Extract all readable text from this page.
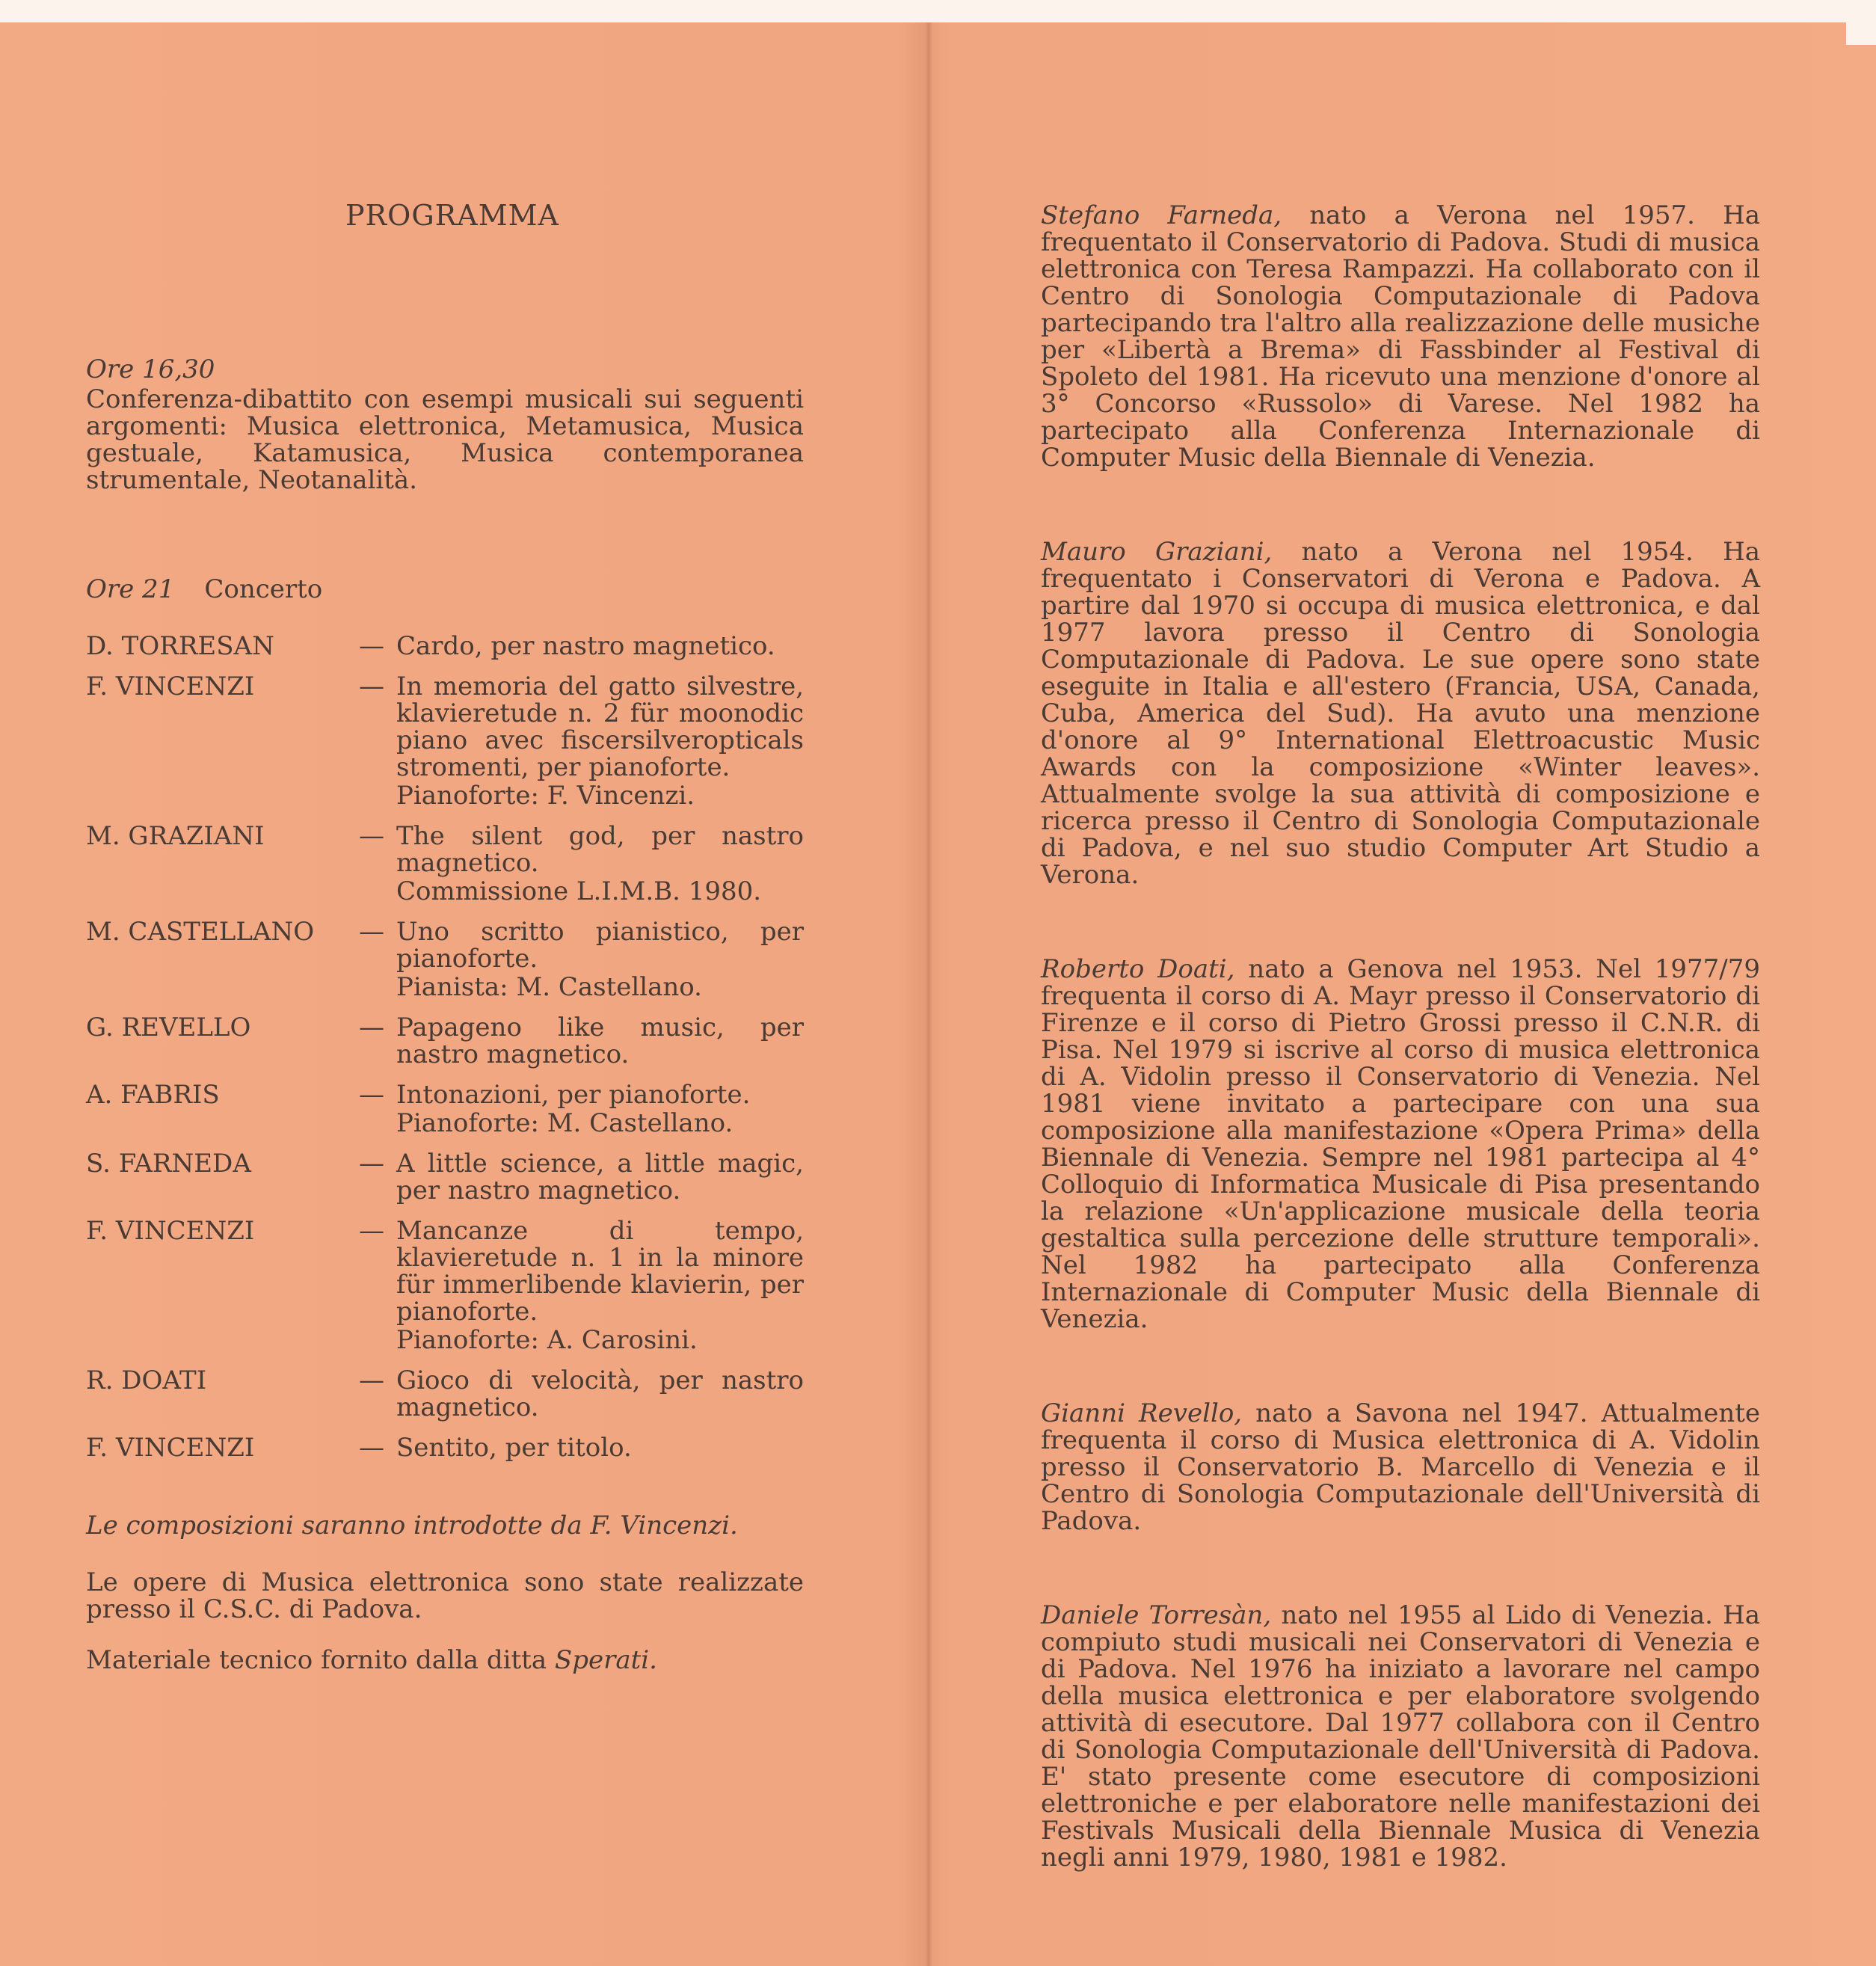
PROGRAMMA
Ore 16,30
Conferenza-dibattito con esempi musicali sui seguenti argomenti: Musica elettronica, Metamusica, Musica gestuale, Katamusica, Musica contemporanea strumentale, Neotanalità.
Ore 21 Concerto
D. TORRESAN	— Cardo, per nastro magnetico.
F. VINCENZI	— In memoria del gatto silvestre, klavieretude n. 2 für moonodic piano avec fiscersilveropticals stromenti, per pianoforte.
Pianoforte: F. Vincenzi.
M. GRAZIANI	— The silent god, per nastro magnetico.
Commissione L.I.M.B. 1980.
M. CASTELLANO	— Uno scritto pianistico, per pianoforte.
Pianista: M. Castellano.
G. REVELLO	— Papageno like music, per nastro magnetico.
A. FABRIS	— Intonazioni, per pianoforte.
Pianoforte: M. Castellano.
S. FARNEDA	— A little science, a little magic, per nastro magnetico.
F. VINCENZI	— Mancanze di tempo, klavieretude n. 1 in la minore für immerlibende klavierin, per pianoforte.
Pianoforte: A. Carosini.
R. DOATI	— Gioco di velocità, per nastro magnetico.
F. VINCENZI	— Sentito, per titolo.
Le composizioni saranno introdotte da F. Vincenzi.
Le opere di Musica elettronica sono state realizzate presso il C.S.C. di Padova.
Materiale tecnico fornito dalla ditta Sperati.
Stefano Farneda, nato a Verona nel 1957. Ha frequentato il Conservatorio di Padova. Studi di musica elettronica con Teresa Rampazzi. Ha collaborato con il Centro di Sonologia Computazionale di Padova partecipando tra l'altro alla realizzazione delle musiche per «Libertà a Brema» di Fassbinder al Festival di Spoleto del 1981. Ha ricevuto una menzione d'onore al 3° Concorso «Russolo» di Varese. Nel 1982 ha partecipato alla Conferenza Internazionale di Computer Music della Biennale di Venezia.
Mauro Graziani, nato a Verona nel 1954. Ha frequentato i Conservatori di Verona e Padova. A partire dal 1970 si occupa di musica elettronica, e dal 1977 lavora presso il Centro di Sonologia Computazionale di Padova. Le sue opere sono state eseguite in Italia e all'estero (Francia, USA, Canada, Cuba, America del Sud). Ha avuto una menzione d'onore al 9° International Elettroacustic Music Awards con la composizione «Winter leaves». Attualmente svolge la sua attività di composizione e ricerca presso il Centro di Sonologia Computazionale di Padova, e nel suo studio Computer Art Studio a Verona.
Roberto Doati, nato a Genova nel 1953. Nel 1977/79 frequenta il corso di A. Mayr presso il Conservatorio di Firenze e il corso di Pietro Grossi presso il C.N.R. di Pisa. Nel 1979 si iscrive al corso di musica elettronica di A. Vidolin presso il Conservatorio di Venezia. Nel 1981 viene invitato a partecipare con una sua composizione alla manifestazione «Opera Prima» della Biennale di Venezia. Sempre nel 1981 partecipa al 4° Colloquio di Informatica Musicale di Pisa presentando la relazione «Un'applicazione musicale della teoria gestaltica sulla percezione delle strutture temporali». Nel 1982 ha partecipato alla Conferenza Internazionale di Computer Music della Biennale di Venezia.
Gianni Revello, nato a Savona nel 1947. Attualmente frequenta il corso di Musica elettronica di A. Vidolin presso il Conservatorio B. Marcello di Venezia e il Centro di Sonologia Computazionale dell'Università di Padova.
Daniele Torresàn, nato nel 1955 al Lido di Venezia. Ha compiuto studi musicali nei Conservatori di Venezia e di Padova. Nel 1976 ha iniziato a lavorare nel campo della musica elettronica e per elaboratore svolgendo attività di esecutore. Dal 1977 collabora con il Centro di Sonologia Computazionale dell'Università di Padova. E' stato presente come esecutore di composizioni elettroniche e per elaboratore nelle manifestazioni dei Festivals Musicali della Biennale Musica di Venezia negli anni 1979, 1980, 1981 e 1982.
